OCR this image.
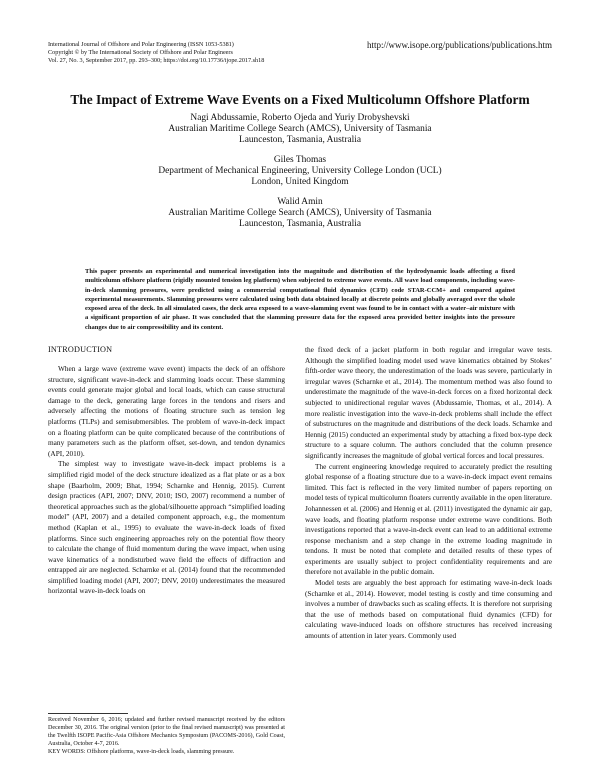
International Journal of Offshore and Polar Engineering (ISSN 1053-5381)
Copyright © by The International Society of Offshore and Polar Engineers
Vol. 27, No. 3, September 2017, pp. 293–300; https://doi.org/10.17736/ijope.2017.sh18
http://www.isope.org/publications/publications.htm
The Impact of Extreme Wave Events on a Fixed Multicolumn Offshore Platform
Nagi Abdussamie, Roberto Ojeda and Yuriy Drobyshevski
Australian Maritime College Search (AMCS), University of Tasmania
Launceston, Tasmania, Australia
Giles Thomas
Department of Mechanical Engineering, University College London (UCL)
London, United Kingdom
Walid Amin
Australian Maritime College Search (AMCS), University of Tasmania
Launceston, Tasmania, Australia
This paper presents an experimental and numerical investigation into the magnitude and distribution of the hydrodynamic loads affecting a fixed multicolumn offshore platform (rigidly mounted tension leg platform) when subjected to extreme wave events. All wave load components, including wave-in-deck slamming pressures, were predicted using a commercial computational fluid dynamics (CFD) code STAR-CCM+ and compared against experimental measurements. Slamming pressures were calculated using both data obtained locally at discrete points and globally averaged over the whole exposed area of the deck. In all simulated cases, the deck area exposed to a wave-slamming event was found to be in contact with a water–air mixture with a significant proportion of air phase. It was concluded that the slamming pressure data for the exposed area provided better insights into the pressure changes due to air compressibility and its content.
INTRODUCTION

When a large wave (extreme wave event) impacts the deck of an offshore structure, significant wave-in-deck and slamming loads occur. These slamming events could generate major global and local loads, which can cause structural damage to the deck, generating large forces in the tendons and risers and adversely affecting the motions of floating structure such as tension leg platforms (TLPs) and semisubmersibles. The problem of wave-in-deck impact on a floating platform can be quite complicated because of the contributions of many parameters such as the platform offset, set-down, and tendon dynamics (API, 2010).

The simplest way to investigate wave-in-deck impact problems is a simplified rigid model of the deck structure idealized as a flat plate or as a box shape (Baarholm, 2009; Bhat, 1994; Scharnke and Hennig, 2015). Current design practices (API, 2007; DNV, 2010; ISO, 2007) recommend a number of theoretical approaches such as the global/silhouette approach “simplified loading model” (API, 2007) and a detailed component approach, e.g., the momentum method (Kaplan et al., 1995) to evaluate the wave-in-deck loads of fixed platforms. Since such engineering approaches rely on the potential flow theory to calculate the change of fluid momentum during the wave impact, when using wave kinematics of a nondisturbed wave field the effects of diffraction and entrapped air are neglected. Scharnke et al. (2014) found that the recommended simplified loading model (API, 2007; DNV, 2010) underestimates the measured horizontal wave-in-deck loads on

the fixed deck of a jacket platform in both regular and irregular wave tests. Although the simplified loading model used wave kinematics obtained by Stokes’ fifth-order wave theory, the underestimation of the loads was severe, particularly in irregular waves (Scharnke et al., 2014). The momentum method was also found to underestimate the magnitude of the wave-in-deck forces on a fixed horizontal deck subjected to unidirectional regular waves (Abdussamie, Thomas, et al., 2014). A more realistic investigation into the wave-in-deck problems shall include the effect of substructures on the magnitude and distributions of the deck loads. Scharnke and Hennig (2015) conducted an experimental study by attaching a fixed box-type deck structure to a square column. The authors concluded that the column presence significantly increases the magnitude of global vertical forces and local pressures.

The current engineering knowledge required to accurately predict the resulting global response of a floating structure due to a wave-in-deck impact event remains limited. This fact is reflected in the very limited number of papers reporting on model tests of typical multicolumn floaters currently available in the open literature. Johannessen et al. (2006) and Hennig et al. (2011) investigated the dynamic air gap, wave loads, and floating platform response under extreme wave conditions. Both investigations reported that a wave-in-deck event can lead to an additional extreme response mechanism and a step change in the extreme loading magnitude in tendons. It must be noted that complete and detailed results of these types of experiments are usually subject to project confidentiality requirements and are therefore not available in the public domain.

Model tests are arguably the best approach for estimating wave-in-deck loads (Scharnke et al., 2014). However, model testing is costly and time consuming and involves a number of drawbacks such as scaling effects. It is therefore not surprising that the use of methods based on computational fluid dynamics (CFD) for calculating wave-induced loads on offshore structures has received increasing amounts of attention in later years. Commonly used

Received November 6, 2016; updated and further revised manuscript received by the editors December 30, 2016. The original version (prior to the final revised manuscript) was presented at the Twelfth ISOPE Pacific-Asia Offshore Mechanics Symposium (PACOMS-2016), Gold Coast, Australia, October 4-7, 2016.
KEY WORDS: Offshore platforms, wave-in-deck loads, slamming pressure.
